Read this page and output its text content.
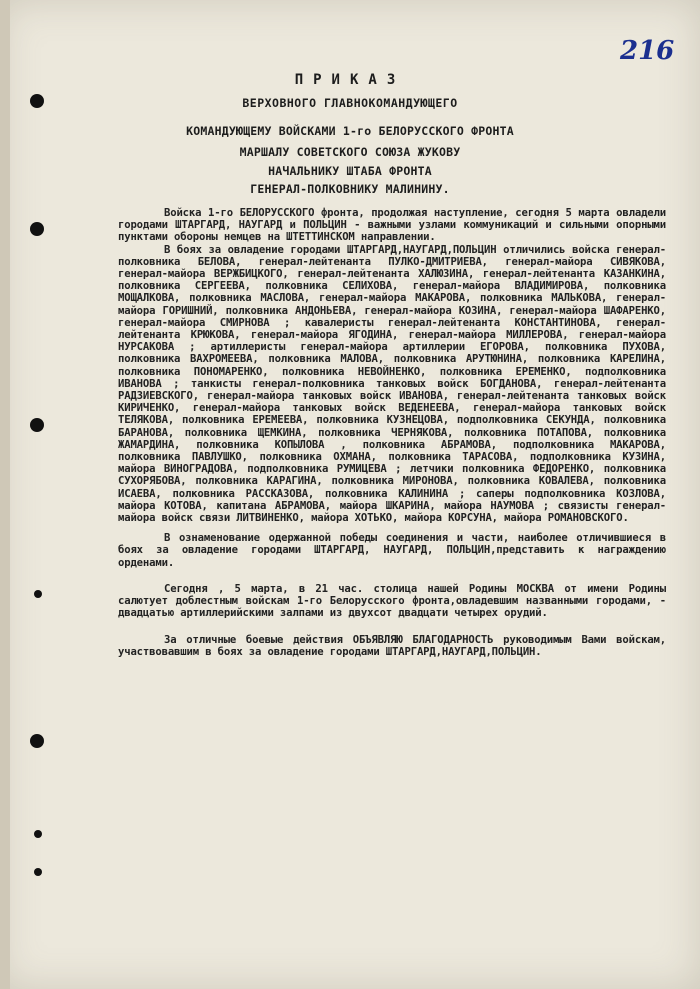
216
ПРИКАЗ
ВЕРХОВНОГО ГЛАВНОКОМАНДУЮЩЕГО
КОМАНДУЮЩЕМУ ВОЙСКАМИ 1-го БЕЛОРУССКОГО ФРОНТА
МАРШАЛУ СОВЕТСКОГО СОЮЗА ЖУКОВУ
НАЧАЛЬНИКУ ШТАБА ФРОНТА
ГЕНЕРАЛ-ПОЛКОВНИКУ МАЛИНИНУ.

Войска 1-го БЕЛОРУССКОГО фронта, продолжая наступление, сегодня 5 марта овладели городами ШТАРГАРД, НАУГАРД и ПОЛЬЦИН - важными узлами коммуникаций и сильными опорными пунктами обороны немцев на ШТЕТТИНСКОМ направлении.

В боях за овладение городами ШТАРГАРД,НАУГАРД,ПОЛЬЦИН отличились войска генерал-полковника БЕЛОВА, генерал-лейтенанта ПУЛКО-ДМИТРИЕВА, генерал-майора СИВЯКОВА, генерал-майора ВЕРЖБИЦКОГО, генерал-лейтенанта ХАЛЮЗИНА, генерал-лейтенанта КАЗАНКИНА, полковника СЕРГЕЕВА, полковника СЕЛИХОВА, генерал-майора ВЛАДИМИРОВА, полковника МОЩАЛКОВА, полковника МАСЛОВА, генерал-майора МАКАРОВА, полковника МАЛЬКОВА, генерал-майора ГОРИШНИЙ, полковника АНДОНЬЕВА, генерал-майора КОЗИНА, генерал-майора ШАФАРЕНКО, генерал-майора СМИРНОВА ; кавалеристы генерал-лейтенанта КОНСТАНТИНОВА, генерал-лейтенанта КРЮКОВА, генерал-майора ЯГОДИНА, генерал-майора МИЛЛЕРОВА, генерал-майора НУРСАКОВА ; артиллеристы генерал-майора артиллерии ЕГОРОВА, полковника ПУХОВА, полковника ВАХРОМЕЕВА, полковника МАЛОВА, полковника АРУТЮНИНА, полковника КАРЕЛИНА, полковника ПОНОМАРЕНКО, полковника НЕВОЙНЕНКО, полковника ЕРЕМЕНКО, подполковника ИВАНОВА ; танкисты генерал-полковника танковых войск БОГДАНОВА, генерал-лейтенанта РАДЗИЕВСКОГО, генерал-майора танковых войск ИВАНОВА, генерал-лейтенанта танковых войск КИРИЧЕНКО, генерал-майора танковых войск ВЕДЕНЕЕВА, генерал-майора танковых войск ТЕЛЯКОВА, полковника ЕРЕМЕЕВА, полковника КУЗНЕЦОВА, подполковника СЕКУНДА, полковника БАРАНОВА, полковника ЩЕМКИНА, полковника ЧЕРНЯКОВА, полковника ПОТАПОВА, полковника ЖАМАРДИНА, полковника КОПЫЛОВА , полковника АБРАМОВА, подполковника МАКАРОВА, полковника ПАВЛУШКО, полковника ОХМАНА, полковника ТАРАСОВА, подполковника КУЗИНА, майора ВИНОГРАДОВА, подполковника РУМИЦЕВА ; летчики полковника ФЕДОРЕНКО, полковника СУХОРЯБОВА, полковника КАРАГИНА, полковника МИРОНОВА, полковника КОВАЛЕВА, полковника ИСАЕВА, полковника РАССКАЗОВА, полковника КАЛИНИНА ; саперы подполковника КОЗЛОВА, майора КОТОВА, капитана АБРАМОВА, майора ШКАРИНА, майора НАУМОВА ; связисты генерал-майора войск связи ЛИТВИНЕНКО, майора ХОТЬКО, майора КОРСУНА, майора РОМАНОВСКОГО.

В ознаменование одержанной победы соединения и части, наиболее отличившиеся в боях за овладение городами ШТАРГАРД, НАУГАРД, ПОЛЬЦИН,представить к награждению орденами.

Сегодня , 5 марта, в 21 час. столица нашей Родины МОСКВА от имени Родины салютует доблестным войскам 1-го Белорусского фронта,овладевшим названными городами, - двадцатью артиллерийскими залпами из двухсот двадцати четырех орудий.

За отличные боевые действия ОБЪЯВЛЯЮ БЛАГОДАРНОСТЬ руководимым Вами войскам, участвовавшим в боях за овладение городами ШТАРГАРД,НАУГАРД,ПОЛЬЦИН.
